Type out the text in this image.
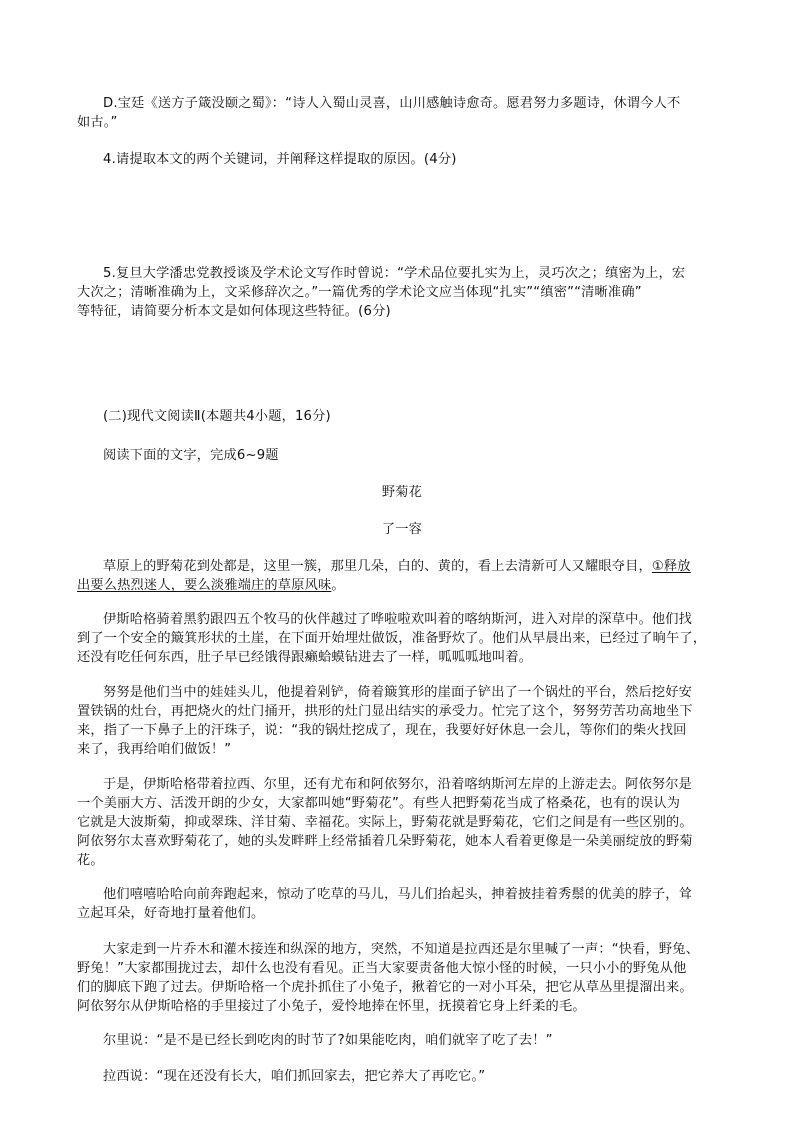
D.宝廷《送方子箴没颐之蜀》：“诗人入蜀山灵喜，山川感触诗愈奇。愿君努力多题诗，休谓今人不

如古。”

4.请提取本文的两个关键词，并阐释这样提取的原因。(4分)

5.复旦大学潘忠党教授谈及学术论文写作时曾说：“学术品位要扎实为上，灵巧次之；缜密为上，宏

大次之；清晰准确为上，文采修辞次之。”一篇优秀的学术论文应当体现“扎实”“缜密”“清晰准确”

等特征，请简要分析本文是如何体现这些特征。(6分)

(二)现代文阅读Ⅱ(本题共4小题，16分)

阅读下面的文字，完成6~9题

野菊花

了一容

草原上的野菊花到处都是，这里一簇，那里几朵，白的、黄的，看上去清新可人又耀眼夺目，①释放

出要么热烈迷人，要么淡雅端庄的草原风味。

伊斯哈格骑着黑豹跟四五个牧马的伙伴越过了哗啦啦欢叫着的喀纳斯河，进入对岸的深草中。他们找

到了一个安全的簸箕形状的土崖，在下面开始埋灶做饭，准备野炊了。他们从早晨出来，已经过了晌午了，

还没有吃任何东西，肚子早已经饿得跟癞蛤蟆钻进去了一样，呱呱呱地叫着。

努努是他们当中的娃娃头儿，他提着剁铲，倚着簸箕形的崖面子铲出了一个锅灶的平台，然后挖好安

置铁锅的灶台，再把烧火的灶门捅开，拱形的灶门显出结实的承受力。忙完了这个，努努劳苦功高地坐下

来，指了一下鼻子上的汗珠子，说：“我的锅灶挖成了，现在，我要好好休息一会儿，等你们的柴火找回

来了，我再给咱们做饭！”

于是，伊斯哈格带着拉西、尔里，还有尤布和阿依努尔，沿着喀纳斯河左岸的上游走去。阿依努尔是

一个美丽大方、活泼开朗的少女，大家都叫她“野菊花”。有些人把野菊花当成了格桑花，也有的误认为

它就是大波斯菊，抑或翠珠、洋甘菊、幸福花。实际上，野菊花就是野菊花，它们之间是有一些区别的。

阿依努尔太喜欢野菊花了，她的头发畔畔上经常插着几朵野菊花，她本人看着更像是一朵美丽绽放的野菊

花。

他们嘻嘻哈哈向前奔跑起来，惊动了吃草的马儿，马儿们抬起头，抻着披挂着秀鬃的优美的脖子，耸

立起耳朵，好奇地打量着他们。

大家走到一片乔木和灌木接连和纵深的地方，突然，不知道是拉西还是尔里喊了一声：“快看，野兔、

野兔！”大家都围拢过去，却什么也没有看见。正当大家要责备他大惊小怪的时候，一只小小的野兔从他

们的脚底下跑了过去。伊斯哈格一个虎扑抓住了小兔子，揪着它的一对小耳朵，把它从草丛里提溜出来。

阿依努尔从伊斯哈格的手里接过了小兔子，爱怜地捧在怀里，抚摸着它身上纤柔的毛。

尔里说：“是不是已经长到吃肉的时节了?如果能吃肉，咱们就宰了吃了去！”

拉西说：“现在还没有长大，咱们抓回家去，把它养大了再吃它。”
